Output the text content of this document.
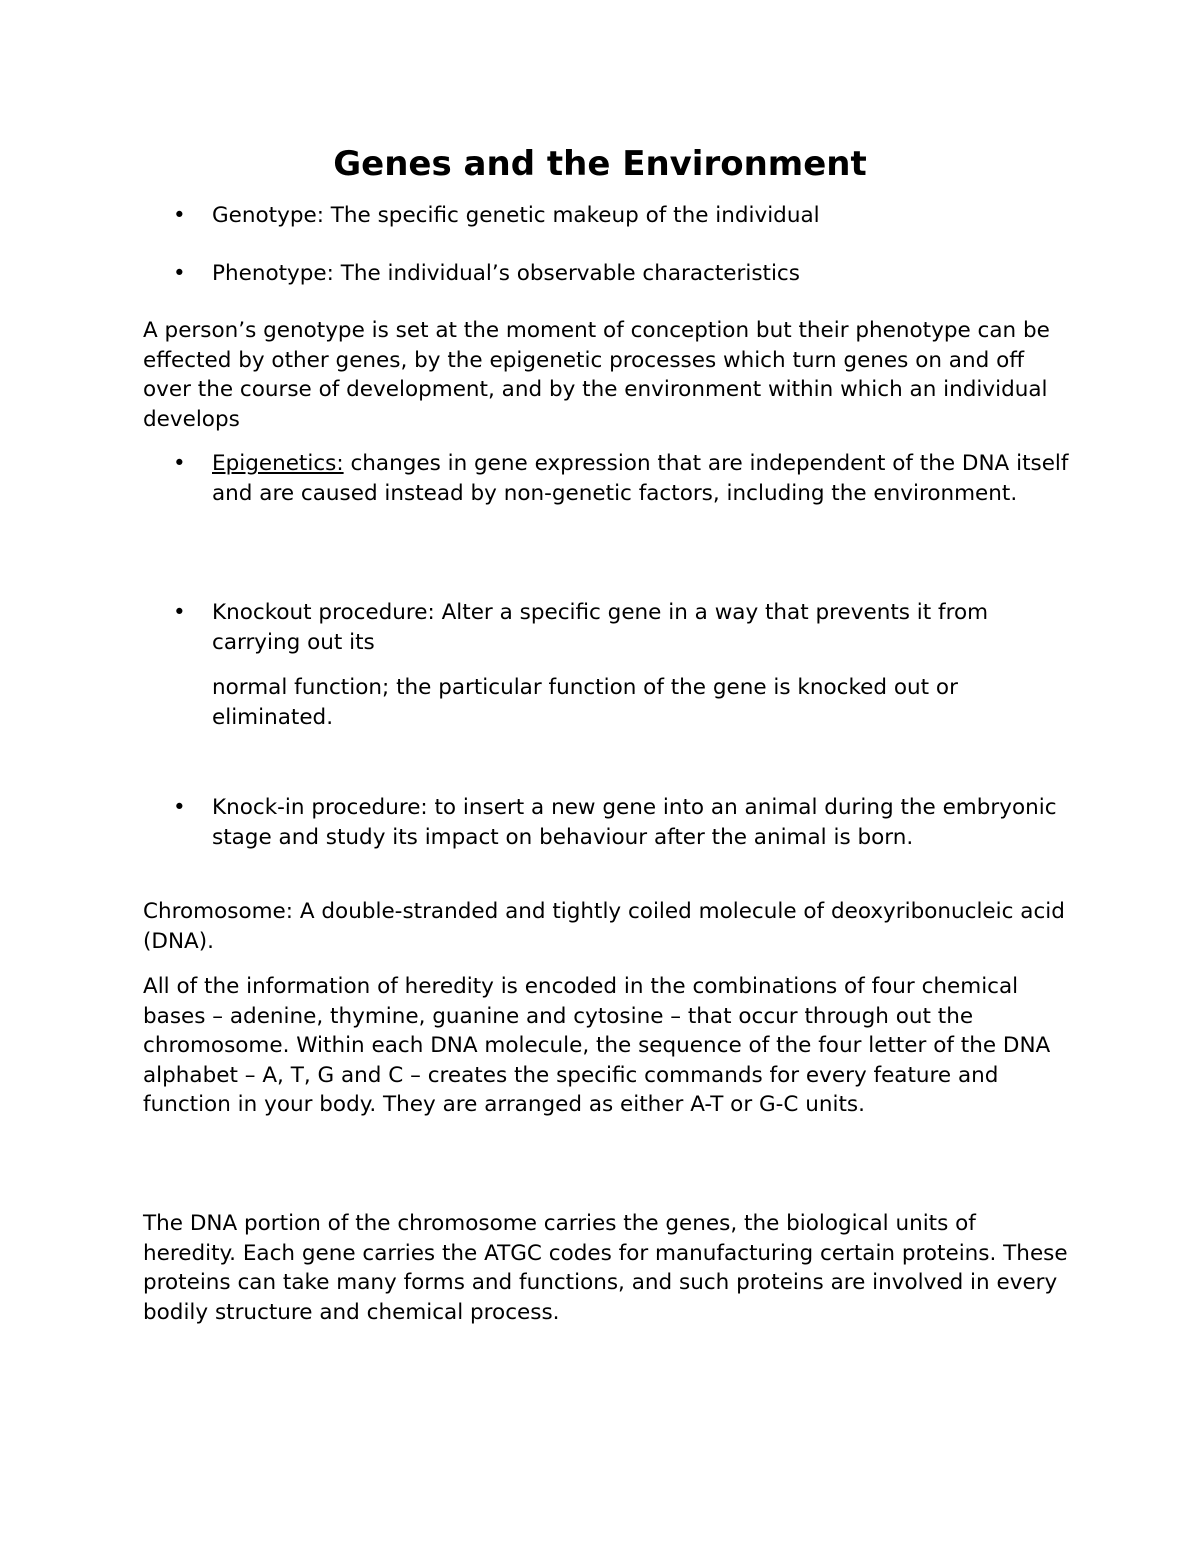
Genes and the Environment
• Genotype: The specific genetic makeup of the individual

• Phenotype: The individual’s observable characteristics

A person’s genotype is set at the moment of conception but their phenotype can be effected by other genes, by the epigenetic processes which turn genes on and off over the course of development, and by the environment within which an individual develops

• Epigenetics: changes in gene expression that are independent of the DNA itself and are caused instead by non-genetic factors, including the environment.

• Knockout procedure: Alter a specific gene in a way that prevents it from carrying out its

normal function; the particular function of the gene is knocked out or eliminated.

• Knock-in procedure: to insert a new gene into an animal during the embryonic stage and study its impact on behaviour after the animal is born.

Chromosome: A double-stranded and tightly coiled molecule of deoxyribonucleic acid (DNA).

All of the information of heredity is encoded in the combinations of four chemical bases – adenine, thymine, guanine and cytosine – that occur through out the chromosome. Within each DNA molecule, the sequence of the four letter of the DNA alphabet – A, T, G and C – creates the specific commands for every feature and function in your body. They are arranged as either A-T or G-C units.

The DNA portion of the chromosome carries the genes, the biological units of heredity. Each gene carries the ATGC codes for manufacturing certain proteins. These proteins can take many forms and functions, and such proteins are involved in every bodily structure and chemical process.
